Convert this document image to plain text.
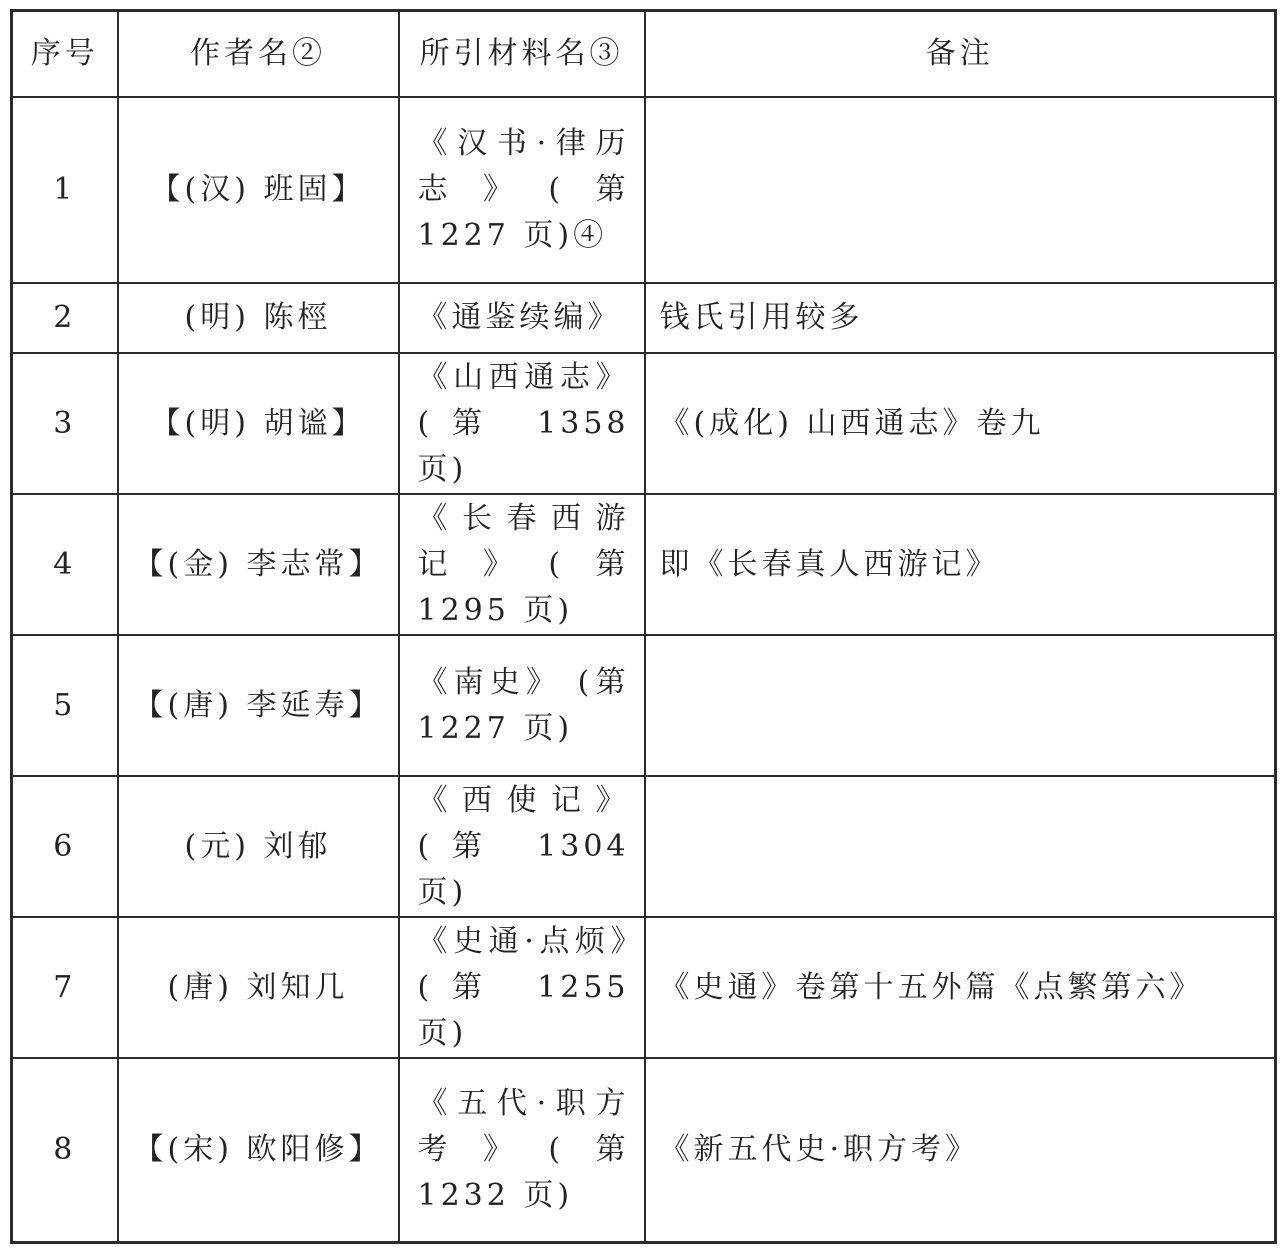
序号	作者名②	所引材料名③	备注
1	【(汉) 班固】	《汉书·律历志》(第 1227 页)④	
2	(明) 陈桱	《通鉴续编》	钱氏引用较多
3	【(明) 胡谧】	《山西通志》(第 1358 页)	《(成化) 山西通志》卷九
4	【(金) 李志常】	《长春西游记》(第 1295 页)	即《长春真人西游记》
5	【(唐) 李延寿】	《南史》 (第 1227 页)	
6	(元) 刘郁	《西使记》(第 1304 页)	
7	(唐) 刘知几	《史通·点烦》(第 1255 页)	《史通》卷第十五外篇《点繁第六》
8	【(宋) 欧阳修】	《五代·职方考》(第 1232 页)	《新五代史·职方考》
